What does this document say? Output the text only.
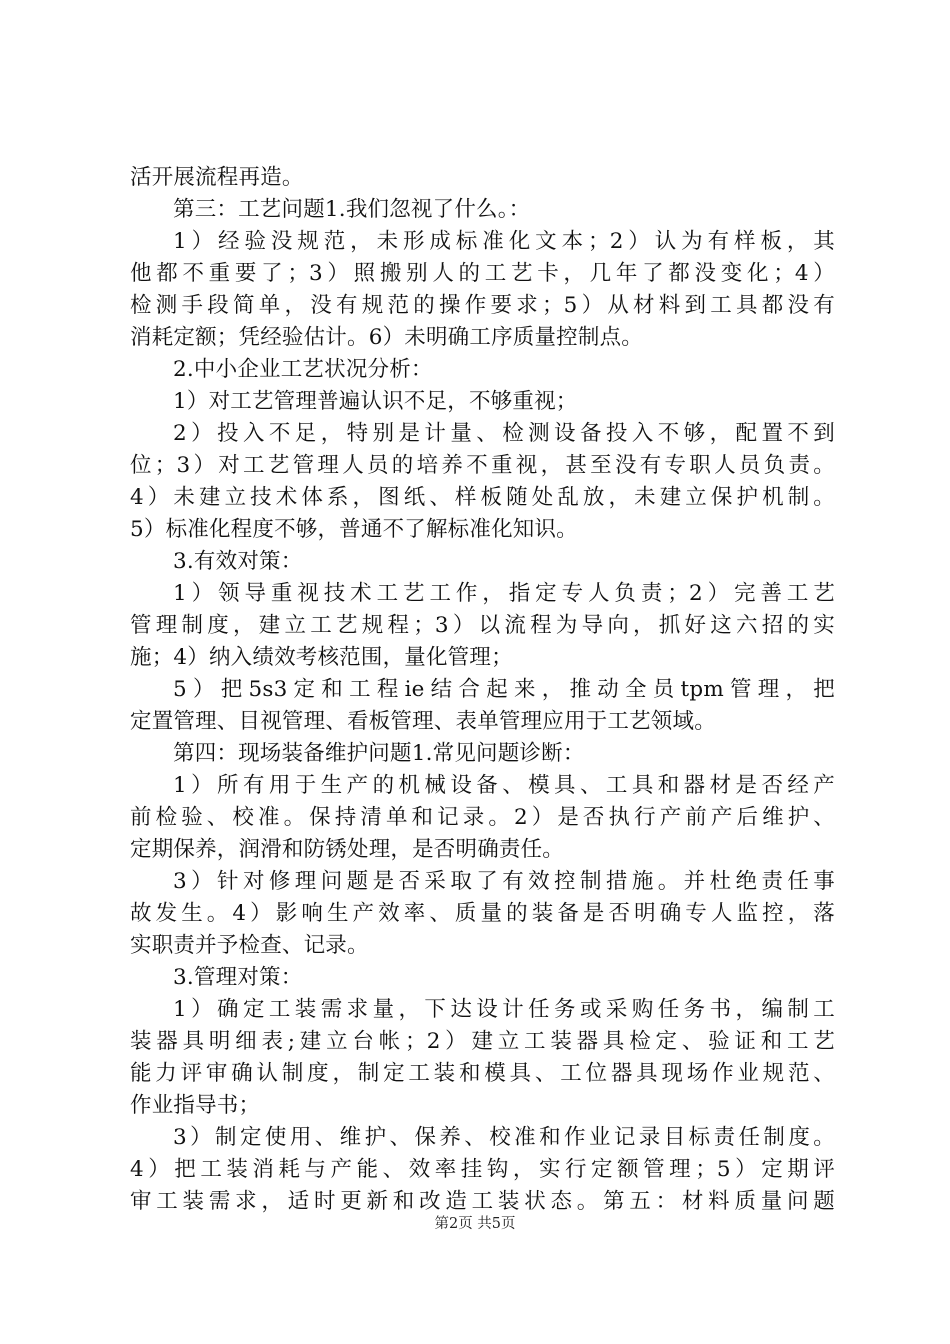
活开展流程再造。
第三：工艺问题1.我们忽视了什么。：
1）经验没规范，未形成标准化文本；2）认为有样板，其
他都不重要了；3）照搬别人的工艺卡，几年了都没变化；4）
检测手段简单，没有规范的操作要求；5）从材料到工具都没有
消耗定额；凭经验估计。6）未明确工序质量控制点。
2.中小企业工艺状况分析：
1）对工艺管理普遍认识不足，不够重视；
2）投入不足，特别是计量、检测设备投入不够，配置不到
位；3）对工艺管理人员的培养不重视，甚至没有专职人员负责。
4）未建立技术体系，图纸、样板随处乱放，未建立保护机制。
5）标准化程度不够，普通不了解标准化知识。
3.有效对策：
1）领导重视技术工艺工作，指定专人负责；2）完善工艺
管理制度，建立工艺规程；3）以流程为导向，抓好这六招的实
施；4）纳入绩效考核范围，量化管理；
5）把5s3定和工程ie结合起来，推动全员tpm管理，把
定置管理、目视管理、看板管理、表单管理应用于工艺领域。
第四：现场装备维护问题1.常见问题诊断：
1）所有用于生产的机械设备、模具、工具和器材是否经产
前检验、校准。保持清单和记录。2）是否执行产前产后维护、
定期保养，润滑和防锈处理，是否明确责任。
3）针对修理问题是否采取了有效控制措施。并杜绝责任事
故发生。4）影响生产效率、质量的装备是否明确专人监控，落
实职责并予检查、记录。
3.管理对策：
1）确定工装需求量，下达设计任务或采购任务书，编制工
装器具明细表;建立台帐；2）建立工装器具检定、验证和工艺
能力评审确认制度，制定工装和模具、工位器具现场作业规范、
作业指导书；
3）制定使用、维护、保养、校准和作业记录目标责任制度。
4）把工装消耗与产能、效率挂钩，实行定额管理；5）定期评
审工装需求，适时更新和改造工装状态。第五：材料质量问题
第2页 共5页
